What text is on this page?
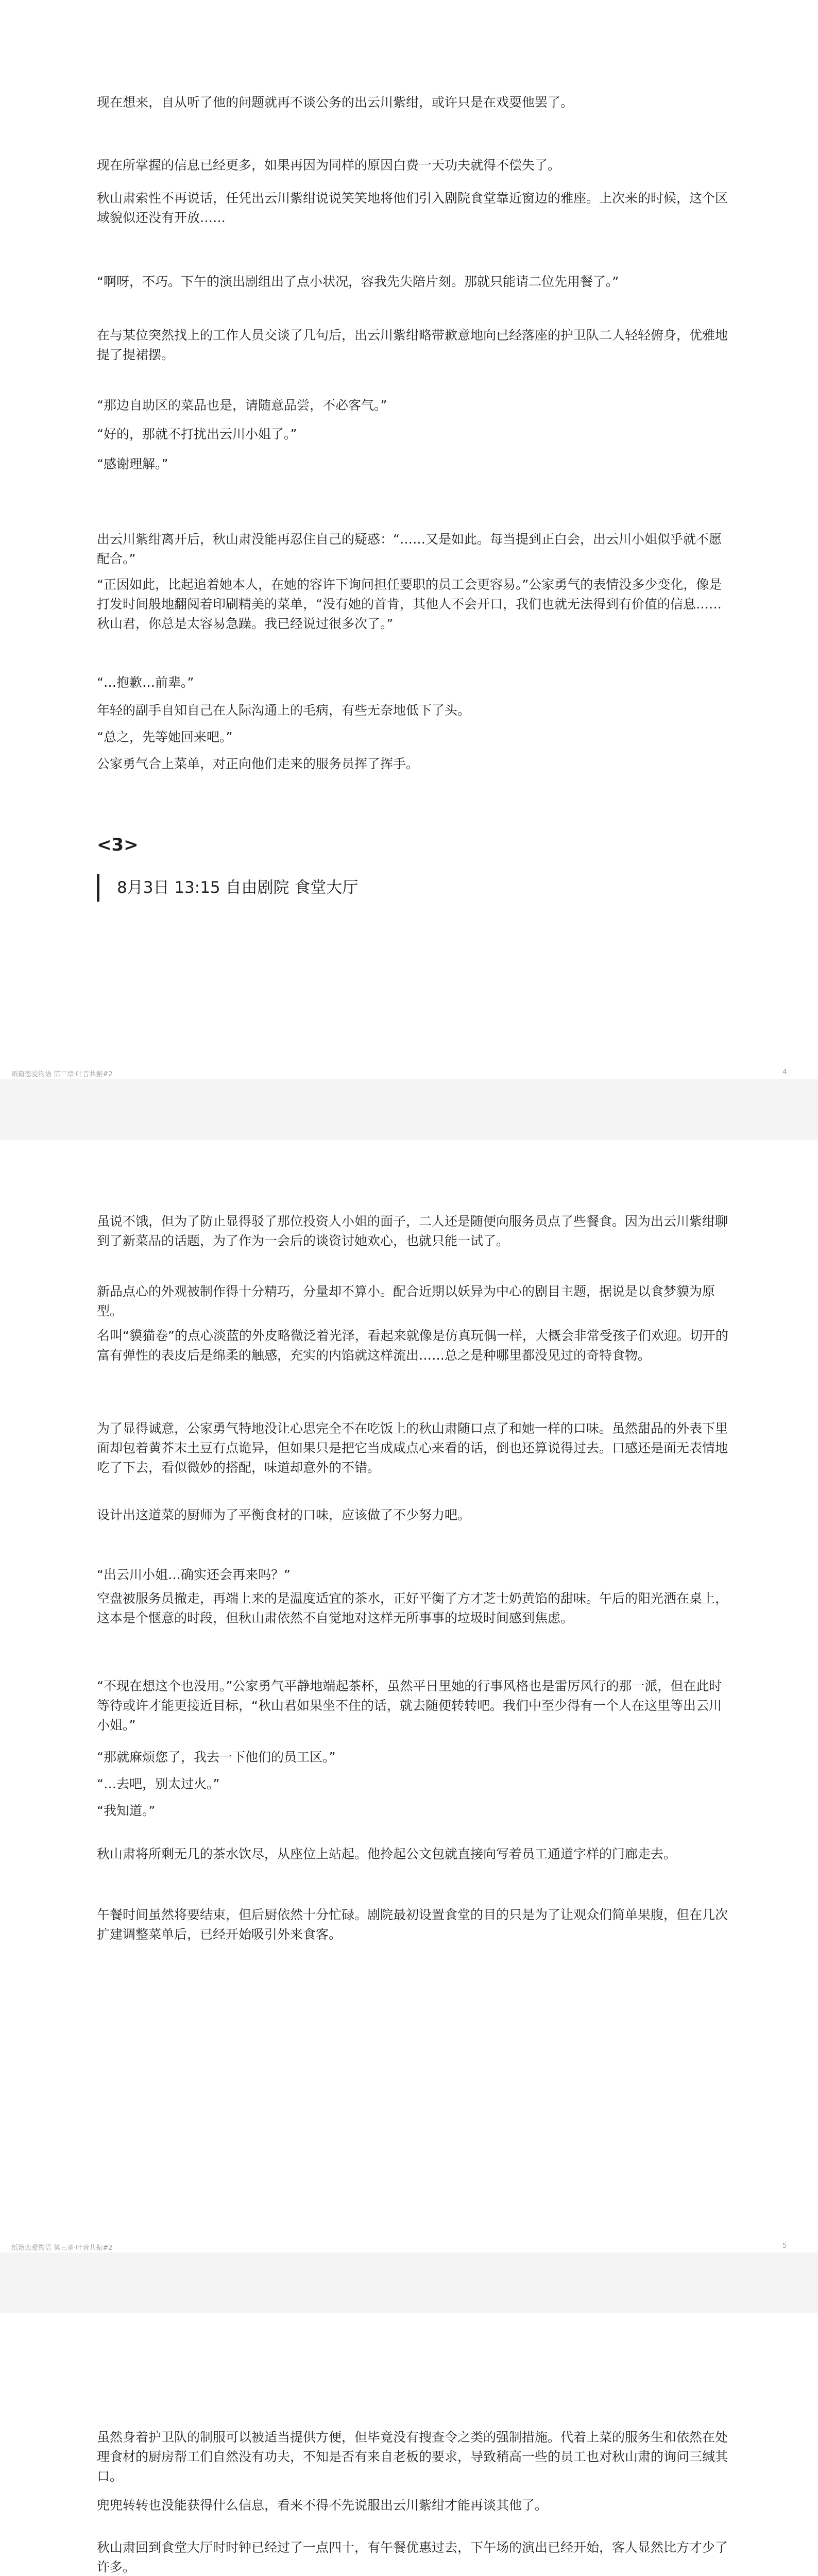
现在想来，自从听了他的问题就再不谈公务的出云川紫绀，或许只是在戏耍他罢了。

现在所掌握的信息已经更多，如果再因为同样的原因白费一天功夫就得不偿失了。

秋山肃索性不再说话，任凭出云川紫绀说说笑笑地将他们引入剧院食堂靠近窗边的雅座。上次来的时候，这个区域貌似还没有开放……

“啊呀，不巧。下午的演出剧组出了点小状况，容我先失陪片刻。那就只能请二位先用餐了。”

在与某位突然找上的工作人员交谈了几句后，出云川紫绀略带歉意地向已经落座的护卫队二人轻轻俯身，优雅地提了提裙摆。

“那边自助区的菜品也是，请随意品尝，不必客气。”

“好的，那就不打扰出云川小姐了。”

“感谢理解。”

出云川紫绀离开后，秋山肃没能再忍住自己的疑惑：“……又是如此。每当提到正白会，出云川小姐似乎就不愿配合。”

“正因如此，比起追着她本人，在她的容许下询问担任要职的员工会更容易。”公家勇气的表情没多少变化，像是打发时间般地翻阅着印刷精美的菜单，“没有她的首肯，其他人不会开口，我们也就无法得到有价值的信息……秋山君，你总是太容易急躁。我已经说过很多次了。”

“…抱歉…前辈。”

年轻的副手自知自己在人际沟通上的毛病，有些无奈地低下了头。

“总之，先等她回来吧。”

公家勇气合上菜单，对正向他们走来的服务员挥了挥手。

<3>
8月3日 13:15 自由剧院 食堂大厅
纸籍恋爱物语 第三章·叶音共振#2	4

虽说不饿，但为了防止显得驳了那位投资人小姐的面子，二人还是随便向服务员点了些餐食。因为出云川紫绀聊到了新菜品的话题，为了作为一会后的谈资讨她欢心，也就只能一试了。

新品点心的外观被制作得十分精巧，分量却不算小。配合近期以妖异为中心的剧目主题，据说是以食梦貘为原型。

名叫“貘猫卷”的点心淡蓝的外皮略微泛着光泽，看起来就像是仿真玩偶一样，大概会非常受孩子们欢迎。切开的富有弹性的表皮后是绵柔的触感，充实的内馅就这样流出……总之是种哪里都没见过的奇特食物。

为了显得诚意，公家勇气特地没让心思完全不在吃饭上的秋山肃随口点了和她一样的口味。虽然甜品的外表下里面却包着黄芥末土豆有点诡异，但如果只是把它当成咸点心来看的话，倒也还算说得过去。口感还是面无表情地吃了下去，看似微妙的搭配，味道却意外的不错。

设计出这道菜的厨师为了平衡食材的口味，应该做了不少努力吧。

“出云川小姐…确实还会再来吗？”

空盘被服务员撤走，再端上来的是温度适宜的茶水，正好平衡了方才芝士奶黄馅的甜味。午后的阳光洒在桌上，这本是个惬意的时段，但秋山肃依然不自觉地对这样无所事事的垃圾时间感到焦虑。

“不现在想这个也没用。”公家勇气平静地端起茶杯，虽然平日里她的行事风格也是雷厉风行的那一派，但在此时等待或许才能更接近目标，“秋山君如果坐不住的话，就去随便转转吧。我们中至少得有一个人在这里等出云川小姐。”

“那就麻烦您了，我去一下他们的员工区。”

“…去吧，别太过火。”

“我知道。”

秋山肃将所剩无几的茶水饮尽，从座位上站起。他拎起公文包就直接向写着员工通道字样的门廊走去。

午餐时间虽然将要结束，但后厨依然十分忙碌。剧院最初设置食堂的目的只是为了让观众们简单果腹，但在几次扩建调整菜单后，已经开始吸引外来食客。

纸籍恋爱物语 第三章·叶音共振#2	5

虽然身着护卫队的制服可以被适当提供方便，但毕竟没有搜查令之类的强制措施。代着上菜的服务生和依然在处理食材的厨房帮工们自然没有功夫，不知是否有来自老板的要求，导致稍高一些的员工也对秋山肃的询问三缄其口。

兜兜转转也没能获得什么信息，看来不得不先说服出云川紫绀才能再谈其他了。

秋山肃回到食堂大厅时时钟已经过了一点四十，有午餐优惠过去，下午场的演出已经开始，客人显然比方才少了许多。
